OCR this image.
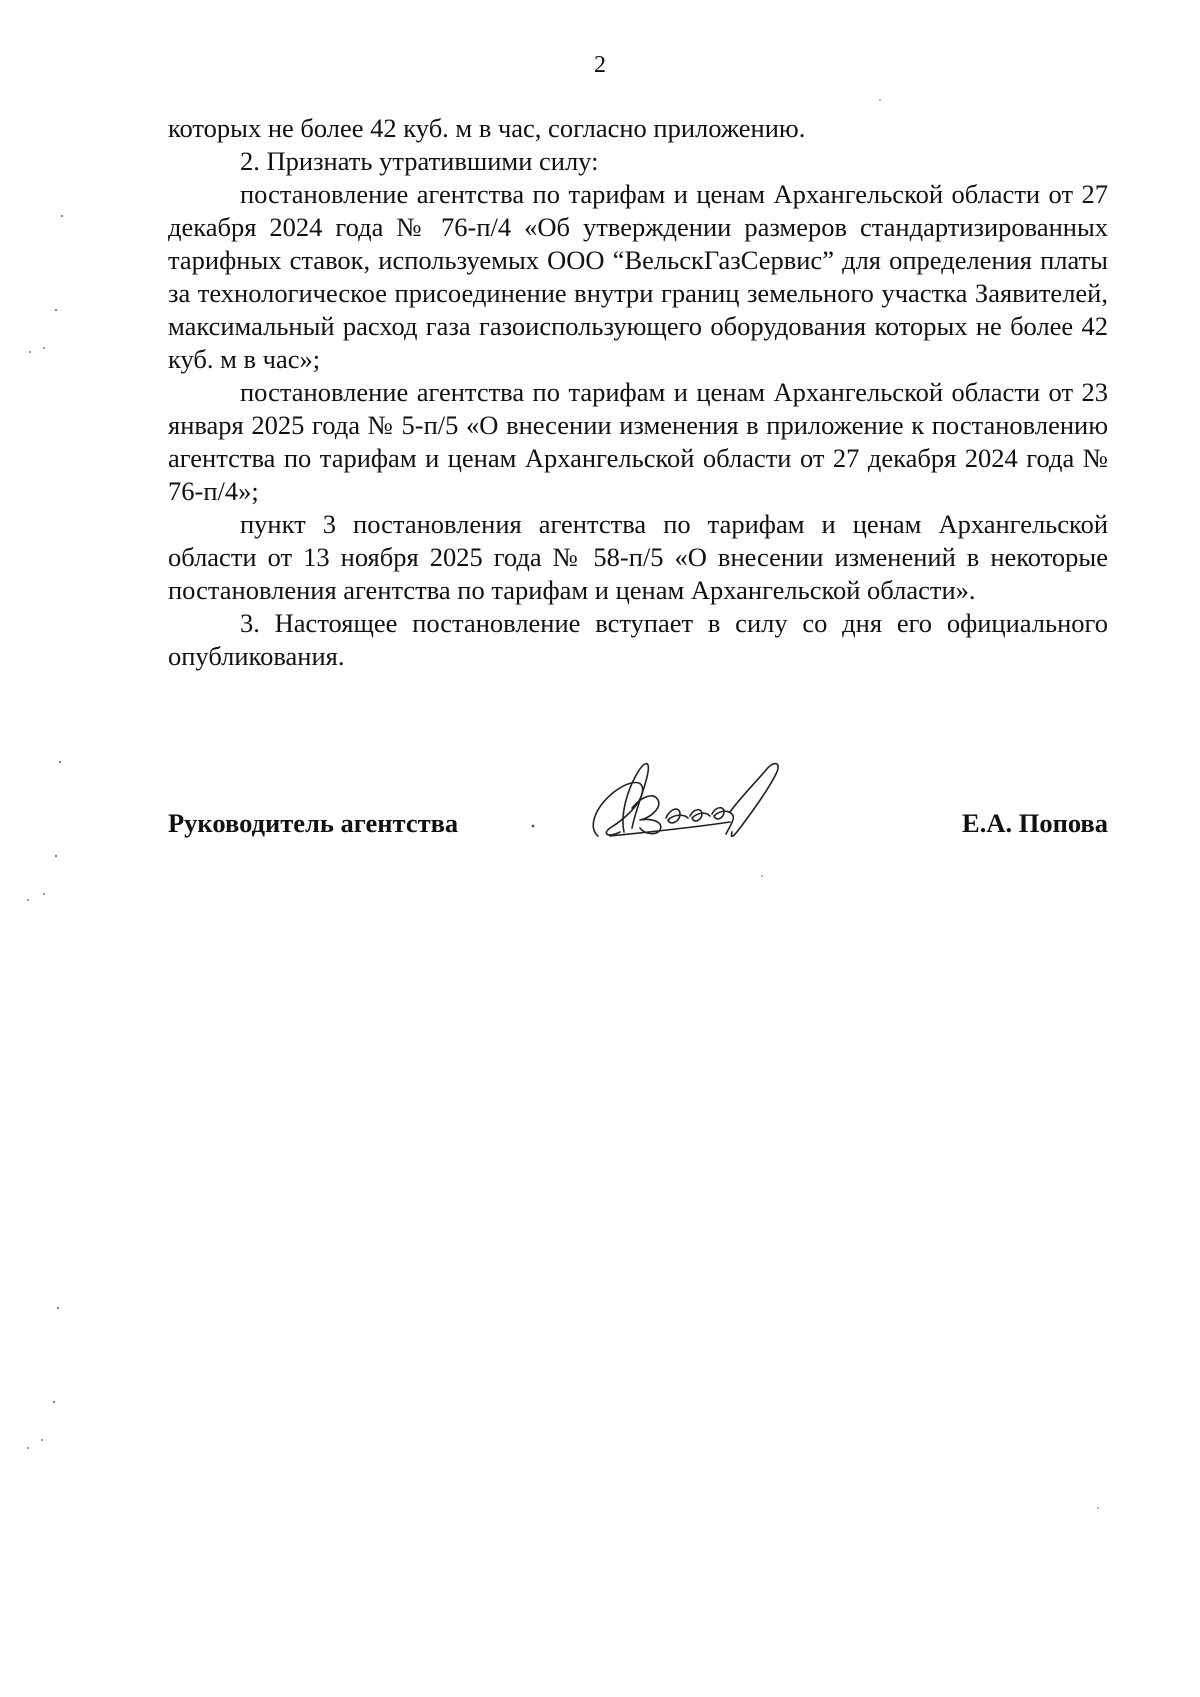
2

которых не более 42 куб. м в час, согласно приложению.

2. Признать утратившими силу:

постановление агентства по тарифам и ценам Архангельской области от 27 декабря 2024 года № 76-п/4 «Об утверждении размеров стандартизированных тарифных ставок, используемых ООО “ВельскГазСервис” для определения платы за технологическое присоединение внутри границ земельного участка Заявителей, максимальный расход газа газоиспользующего оборудования которых не более 42 куб. м в час»;

постановление агентства по тарифам и ценам Архангельской области от 23 января 2025 года № 5-п/5 «О внесении изменения в приложение к постановлению агентства по тарифам и ценам Архангельской области от 27 декабря 2024 года № 76-п/4»;

пункт 3 постановления агентства по тарифам и ценам Архангельской области от 13 ноября 2025 года № 58-п/5 «О внесении изменений в некоторые постановления агентства по тарифам и ценам Архангельской области».

3. Настоящее постановление вступает в силу со дня его официального опубликования.

Руководитель агентства	Е.А. Попова
